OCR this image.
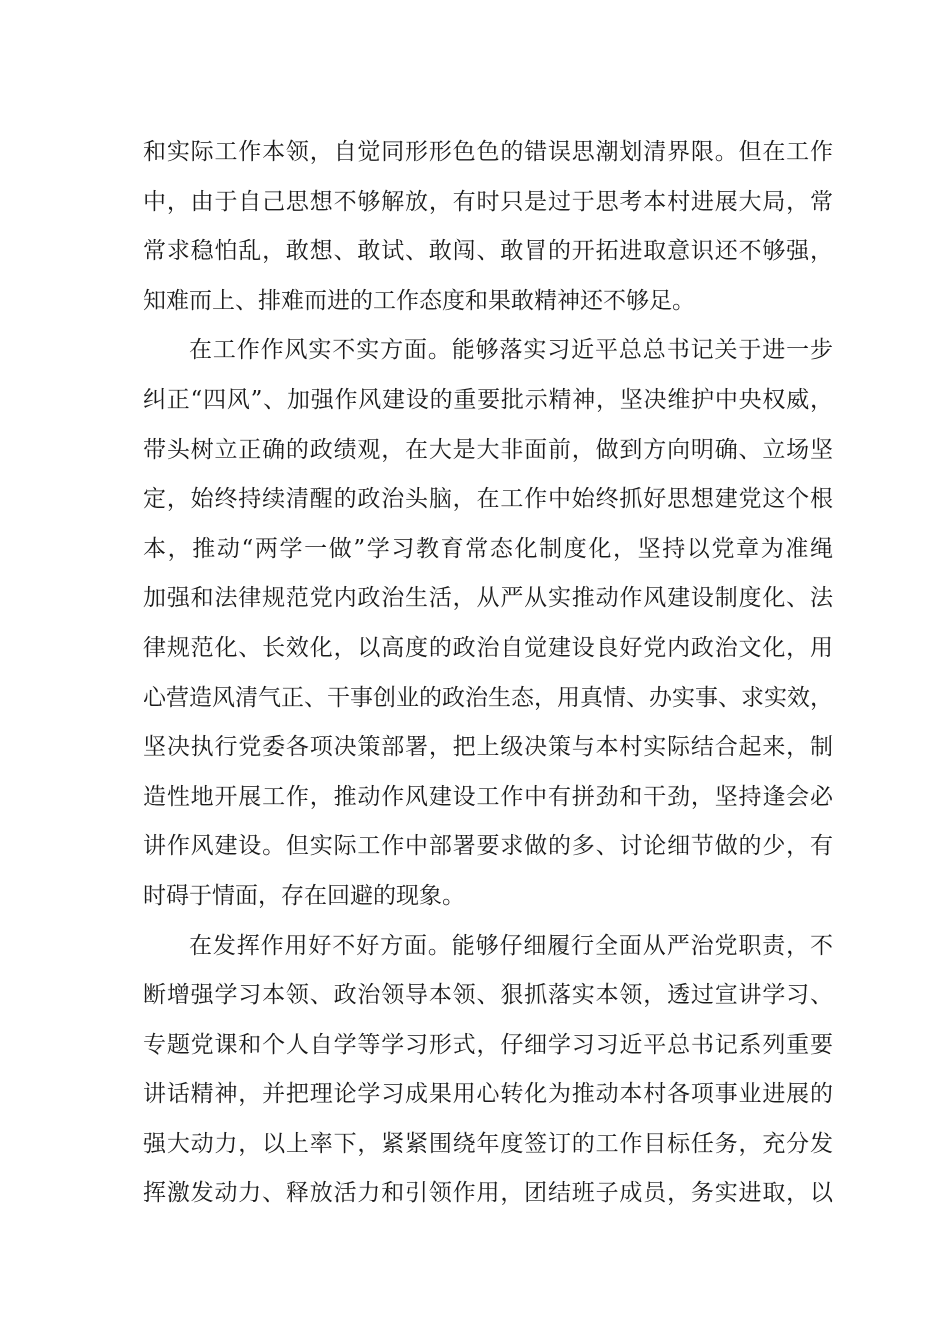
和实际工作本领，自觉同形形色色的错误思潮划清界限。但在工作
中，由于自己思想不够解放，有时只是过于思考本村进展大局，常
常求稳怕乱，敢想、敢试、敢闯、敢冒的开拓进取意识还不够强，
知难而上、排难而进的工作态度和果敢精神还不够足。
在工作作风实不实方面。能够落实习近平总总书记关于进一步
纠正“四风”、加强作风建设的重要批示精神，坚决维护中央权威，
带头树立正确的政绩观，在大是大非面前，做到方向明确、立场坚
定，始终持续清醒的政治头脑，在工作中始终抓好思想建党这个根
本，推动“两学一做”学习教育常态化制度化，坚持以党章为准绳
加强和法律规范党内政治生活，从严从实推动作风建设制度化、法
律规范化、长效化，以高度的政治自觉建设良好党内政治文化，用
心营造风清气正、干事创业的政治生态，用真情、办实事、求实效，
坚决执行党委各项决策部署，把上级决策与本村实际结合起来，制
造性地开展工作，推动作风建设工作中有拼劲和干劲，坚持逢会必
讲作风建设。但实际工作中部署要求做的多、讨论细节做的少，有
时碍于情面，存在回避的现象。
在发挥作用好不好方面。能够仔细履行全面从严治党职责，不
断增强学习本领、政治领导本领、狠抓落实本领，透过宣讲学习、
专题党课和个人自学等学习形式，仔细学习习近平总书记系列重要
讲话精神，并把理论学习成果用心转化为推动本村各项事业进展的
强大动力，以上率下，紧紧围绕年度签订的工作目标任务，充分发
挥激发动力、释放活力和引领作用，团结班子成员，务实进取，以
